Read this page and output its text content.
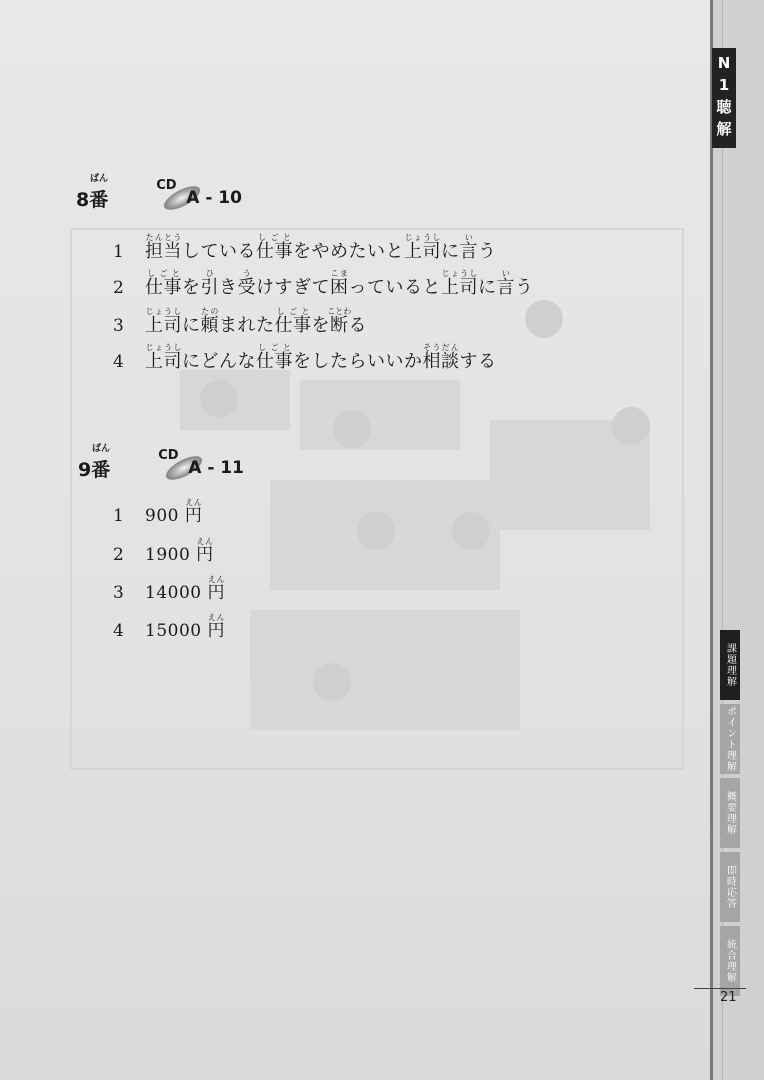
N
1
聴
解
課題理解
ポイント理解
概要理解
即時応答
統合理解
21
8番
ばん	CD
A - 10
1	担当たんとうしている仕事しごとをやめたいと上司じょうしに言いう
2	仕事しごとを引ひき受うけすぎて困こまっていると上司じょうしに言いう
3	上司じょうしに頼たのまれた仕事しごとを断ことわる
4	上司じょうしにどんな仕事しごとをしたらいいか相談そうだんする
9番
ばん	CD
A - 11
1	900 円えん
2	1900 円えん
3	14000 円えん
4	15000 円えん
